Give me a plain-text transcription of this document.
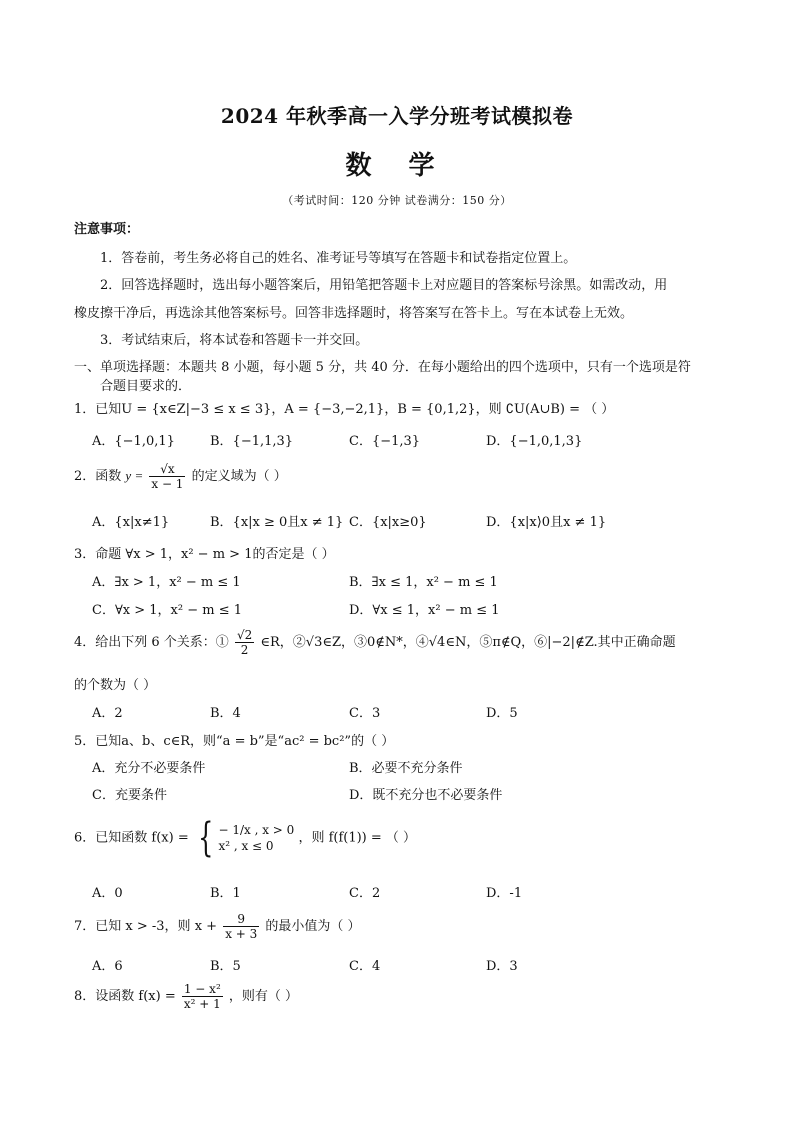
2024 年秋季高一入学分班考试模拟卷
数 学
（考试时间：120 分钟 试卷满分：150 分）
注意事项：
1．答卷前，考生务必将自己的姓名、准考证号等填写在答题卡和试卷指定位置上。
2．回答选择题时，选出每小题答案后，用铅笔把答题卡上对应题目的答案标号涂黑。如需改动，用
橡皮擦干净后，再选涂其他答案标号。回答非选择题时，将答案写在答卡上。写在本试卷上无效。
3．考试结束后，将本试卷和答题卡一并交回。
一、单项选择题：本题共 8 小题，每小题 5 分，共 40 分．在每小题给出的四个选项中，只有一个选项是符
合题目要求的．
1．已知U = {x∈Z|−3 ≤ x ≤ 3}，A = {−3,−2,1}，B = {0,1,2}，则 ∁U(A∪B) = （ ）
A．{−1,0,1}	B．{−1,1,3}	C．{−1,3}	D．{−1,0,1,3}
2．函数 $y = \frac{√x}{x - 1}$ 的定义域为（ ）
A．{x|x≠1}	B．{x|x ≥ 0且x ≠ 1} C．{x|x≥0}	D．{x|x⟩0且x ≠ 1}
3．命题 ∀x > 1，x² − m > 1的否定是（ ）
A．∃x > 1，x² − m ≤ 1	B．∃x ≤ 1，x² − m ≤ 1
C．∀x > 1，x² − m ≤ 1	D．∀x ≤ 1，x² − m ≤ 1
4．给出下列 6 个关系：① $\frac{√2}{2}$ ∈R，②√3∈Z，③0∉N*，④√4∈N，⑤π∉Q，⑥|−2|∉Z.其中正确命题
的个数为（ ）
A．2	B．4	C．3	D．5
5．已知a、b、c∈R，则“a = b”是“ac² = bc²”的（ ）
A．充分不必要条件	B．必要不充分条件
C．充要条件	D．既不充分也不必要条件
6．已知函数 f(x) = { − 1/x , x > 0
x² , x ≤ 0
，则 f(f(1)) = （ ）
A．0	B．1	C．2	D．-1
7．已知 x > -3，则 $x + \frac{9}{x + 3}$ 的最小值为（ ）
A．6	B．5	C．4	D．3
8．设函数 $f(x) = \frac{\text{1 − x²}}{\text{x² + 1}}$ ，则有（ ）
